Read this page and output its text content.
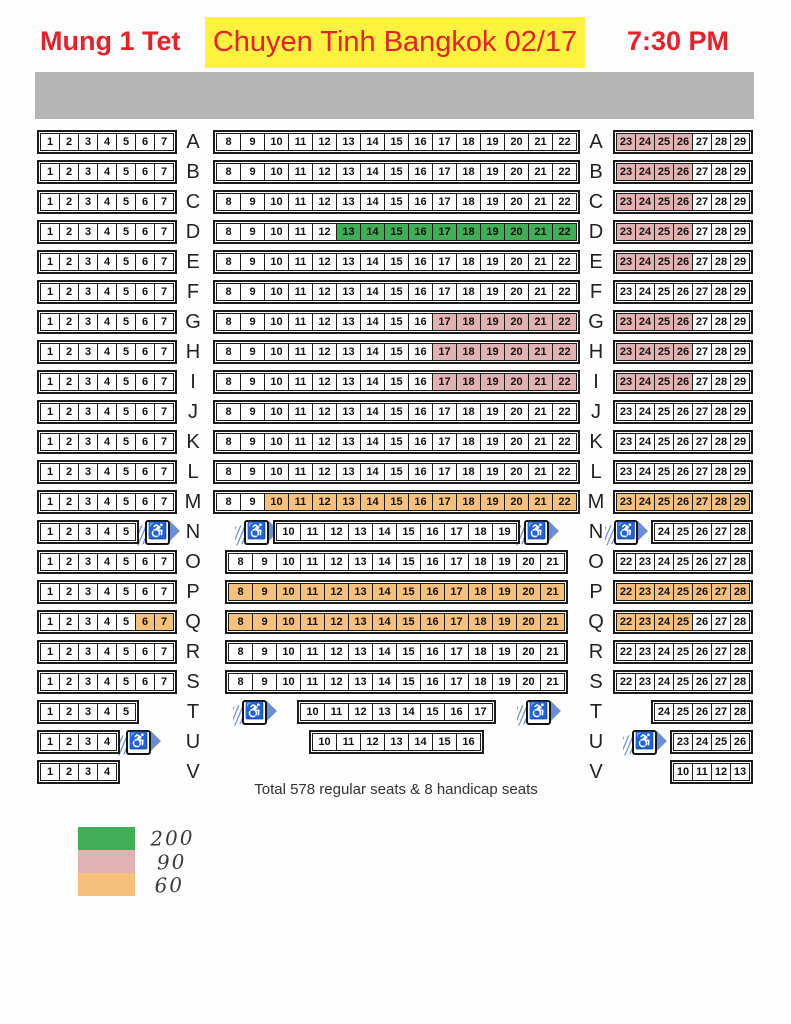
Mung 1 Tet Chuyen Tinh Bangkok 02/17 7:30 PM
1	2	3	4	5	6	7 A	8	9	10	11	12	13	14	15	16	17	18	19	20	21	22 A	23 24 25 26 27 28 29
1	2	3	4	5	6	7 B	8	9	10	11	12	13	14	15	16	17	18	19	20	21	22 B	23 24 25 26 27 28 29
1	2	3	4	5	6	7 C	8	9	10	11	12	13	14	15	16	17	18	19	20	21	22 C	23 24 25 26 27 28 29
1	2	3	4	5	6	7 D	8	9	10	11	12	13	14	15	16	17	18	19	20	21	22 D	23 24 25 26 27 28 29
1	2	3	4	5	6	7 E	8	9	10	11	12	13	14	15	16	17	18	19	20	21	22 E	23 24 25 26 27 28 29
1	2	3	4	5	6	7 F	8	9	10	11	12	13	14	15	16	17	18	19	20	21	22 F	23 24 25 26 27 28 29
1	2	3	4	5	6	7 G	8	9	10	11	12	13	14	15	16	17	18	19	20	21	22 G	23 24 25 26 27 28 29
1	2	3	4	5	6	7 H	8	9	10	11	12	13	14	15	16	17	18	19	20	21	22 H	23 24 25 26 27 28 29
1	2	3	4	5	6	7	I	8	9	10	11	12	13	14	15	16	17	18	19	20	21	22	I	23 24 25 26 27 28 29
1	2	3	4	5	6	7	J	8	9	10	11	12	13	14	15	16	17	18	19	20	21	22	J	23 24 25 26 27 28 29
1	2	3	4	5	6	7 K	8	9	10	11	12	13	14	15	16	17	18	19	20	21	22 K	23 24 25 26 27 28 29
1	2	3	4	5	6	7	L	8	9	10	11	12	13	14	15	16	17	18	19	20	21	22 L	23 24 25 26 27 28 29
1	2	3	4	5	6	7 M	8	9	10	11	12	13	14	15	16	17	18	19	20	21	22 M	23 24 25 26 27 28 29
1	2	3	4	5	♿ N	♿	10	11	12	13	14	15	16	17	18	19 ♿ N ♿	24 25 26 27 28
1	2	3	4	5	6	7 O	8	9	10	11	12	13	14	15	16	17	18	19	20	21	O	22 23 24 25 26 27 28
1	2	3	4	5	6	7 P	8	9	10	11	12	13	14	15	16	17	18	19	20	21	P	22 23 24 25 26 27 28
1	2	3	4	5	6	7 Q	8	9	10	11	12	13	14	15	16	17	18	19	20	21	Q	22 23 24 25 26 27 28
1	2	3	4	5	6	7 R	8	9	10	11	12	13	14	15	16	17	18	19	20	21	R	22 23 24 25 26 27 28
1	2	3	4	5	6	7 S	8	9	10	11	12	13	14	15	16	17	18	19	20	21	S	22 23 24 25 26 27 28
1	2	3	4	5	T	♿	10	11	12	13	14	15	16	17	♿	T	24 25 26 27 28
1	2	3	4	♿ U	10	11	12	13	14	15	16	U	♿	23 24 25 26
1	2	3	4	V	V	10 11 12 13
Total 578 regular seats & 8 handicap seats
200
90
60
